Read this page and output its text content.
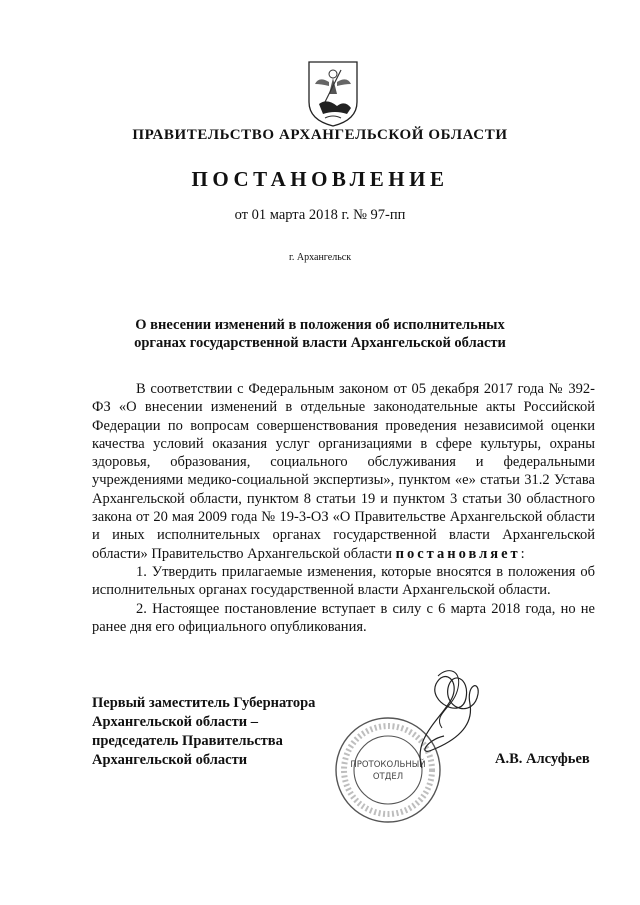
ПРАВИТЕЛЬСТВО АРХАНГЕЛЬСКОЙ ОБЛАСТИ
ПОСТАНОВЛЕНИЕ
от 01 марта 2018 г. № 97-пп
г. Архангельск
О внесении изменений в положения об исполнительных
органах государственной власти Архангельской области

В соответствии с Федеральным законом от 05 декабря 2017 года № 392-ФЗ «О внесении изменений в отдельные законодательные акты Российской Федерации по вопросам совершенствования проведения независимой оценки качества условий оказания услуг организациями в сфере культуры, охраны здоровья, образования, социального обслуживания и федеральными учреждениями медико-социальной экспертизы», пунктом «е» статьи 31.2 Устава Архангельской области, пунктом 8 статьи 19 и пунктом 3 статьи 30 областного закона от 20 мая 2009 года № 19-3-ОЗ «О Правительстве Архангельской области и иных исполнительных органах государственной власти Архангельской области» Правительство Архангельской области постановляет:

1. Утвердить прилагаемые изменения, которые вносятся в положения об исполнительных органах государственной власти Архангельской области.

2. Настоящее постановление вступает в силу с 6 марта 2018 года, но не ранее дня его официального опубликования.

Первый заместитель Губернатора
Архангельской области –
председатель Правительства
Архангельской области	ПРОТОКОЛЬНЫЙ
ОТДЕЛ
А.В. Алсуфьев
